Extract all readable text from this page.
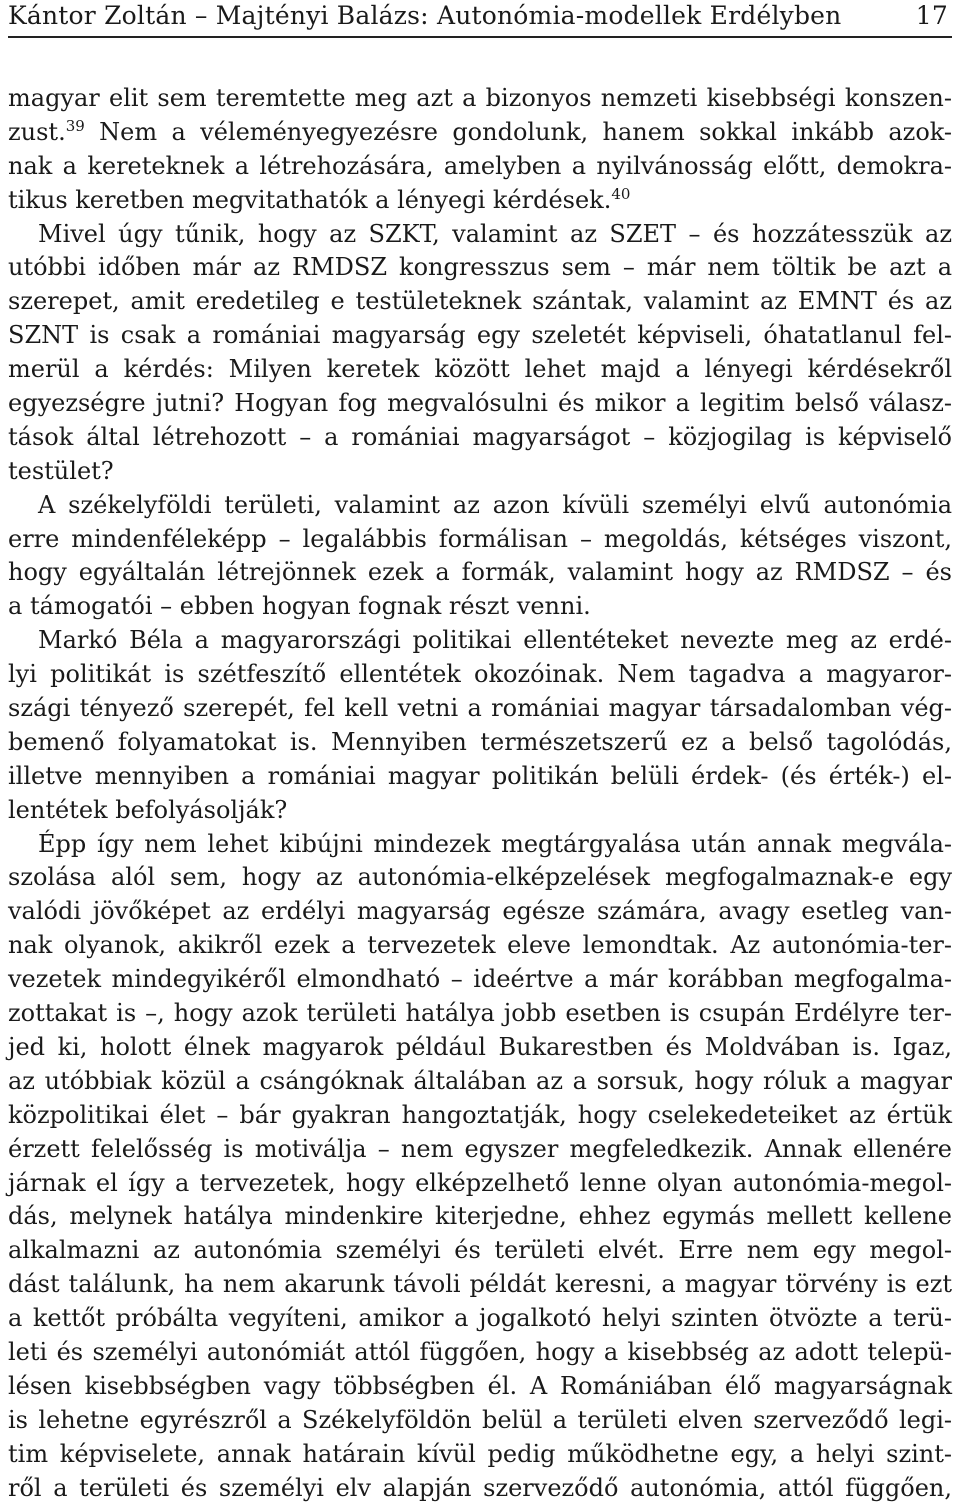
Kántor Zoltán – Majtényi Balázs: Autonómia-modellek Erdélyben	17
magyar elit sem teremtette meg azt a bizonyos nemzeti kisebbségi konszen-
zust.$^{39}$ Nem a véleményegyezésre gondolunk, hanem sokkal inkább azok-
nak a kereteknek a létrehozására, amelyben a nyilvánosság előtt, demokra-
tikus keretben megvitathatók a lényegi kérdések.$^{40}$
Mivel úgy tűnik, hogy az SZKT, valamint az SZET – és hozzátesszük az
utóbbi időben már az RMDSZ kongresszus sem – már nem töltik be azt a
szerepet, amit eredetileg e testületeknek szántak, valamint az EMNT és az
SZNT is csak a romániai magyarság egy szeletét képviseli, óhatatlanul fel-
merül a kérdés: Milyen keretek között lehet majd a lényegi kérdésekről
egyezségre jutni? Hogyan fog megvalósulni és mikor a legitim belső válasz-
tások által létrehozott – a romániai magyarságot – közjogilag is képviselő
testület?
A székelyföldi területi, valamint az azon kívüli személyi elvű autonómia
erre mindenféleképp – legalábbis formálisan – megoldás, kétséges viszont,
hogy egyáltalán létrejönnek ezek a formák, valamint hogy az RMDSZ – és
a támogatói – ebben hogyan fognak részt venni.
Markó Béla a magyarországi politikai ellentéteket nevezte meg az erdé-
lyi politikát is szétfeszítő ellentétek okozóinak. Nem tagadva a magyaror-
szági tényező szerepét, fel kell vetni a romániai magyar társadalomban vég-
bemenő folyamatokat is. Mennyiben természetszerű ez a belső tagolódás,
illetve mennyiben a romániai magyar politikán belüli érdek- (és érték-) el-
lentétek befolyásolják?
Épp így nem lehet kibújni mindezek megtárgyalása után annak megvála-
szolása alól sem, hogy az autonómia-elképzelések megfogalmaznak-e egy
valódi jövőképet az erdélyi magyarság egésze számára, avagy esetleg van-
nak olyanok, akikről ezek a tervezetek eleve lemondtak. Az autonómia-ter-
vezetek mindegyikéről elmondható – ideértve a már korábban megfogalma-
zottakat is –, hogy azok területi hatálya jobb esetben is csupán Erdélyre ter-
jed ki, holott élnek magyarok például Bukarestben és Moldvában is. Igaz,
az utóbbiak közül a csángóknak általában az a sorsuk, hogy róluk a magyar
közpolitikai élet – bár gyakran hangoztatják, hogy cselekedeteiket az értük
érzett felelősség is motiválja – nem egyszer megfeledkezik. Annak ellenére
járnak el így a tervezetek, hogy elképzelhető lenne olyan autonómia-megol-
dás, melynek hatálya mindenkire kiterjedne, ehhez egymás mellett kellene
alkalmazni az autonómia személyi és területi elvét. Erre nem egy megol-
dást találunk, ha nem akarunk távoli példát keresni, a magyar törvény is ezt
a kettőt próbálta vegyíteni, amikor a jogalkotó helyi szinten ötvözte a terü-
leti és személyi autonómiát attól függően, hogy a kisebbség az adott telepü-
lésen kisebbségben vagy többségben él. A Romániában élő magyarságnak
is lehetne egyrészről a Székelyföldön belül a területi elven szerveződő legi-
tim képviselete, annak határain kívül pedig működhetne egy, a helyi szint-
ről a területi és személyi elv alapján szerveződő autonómia, attól függően,
